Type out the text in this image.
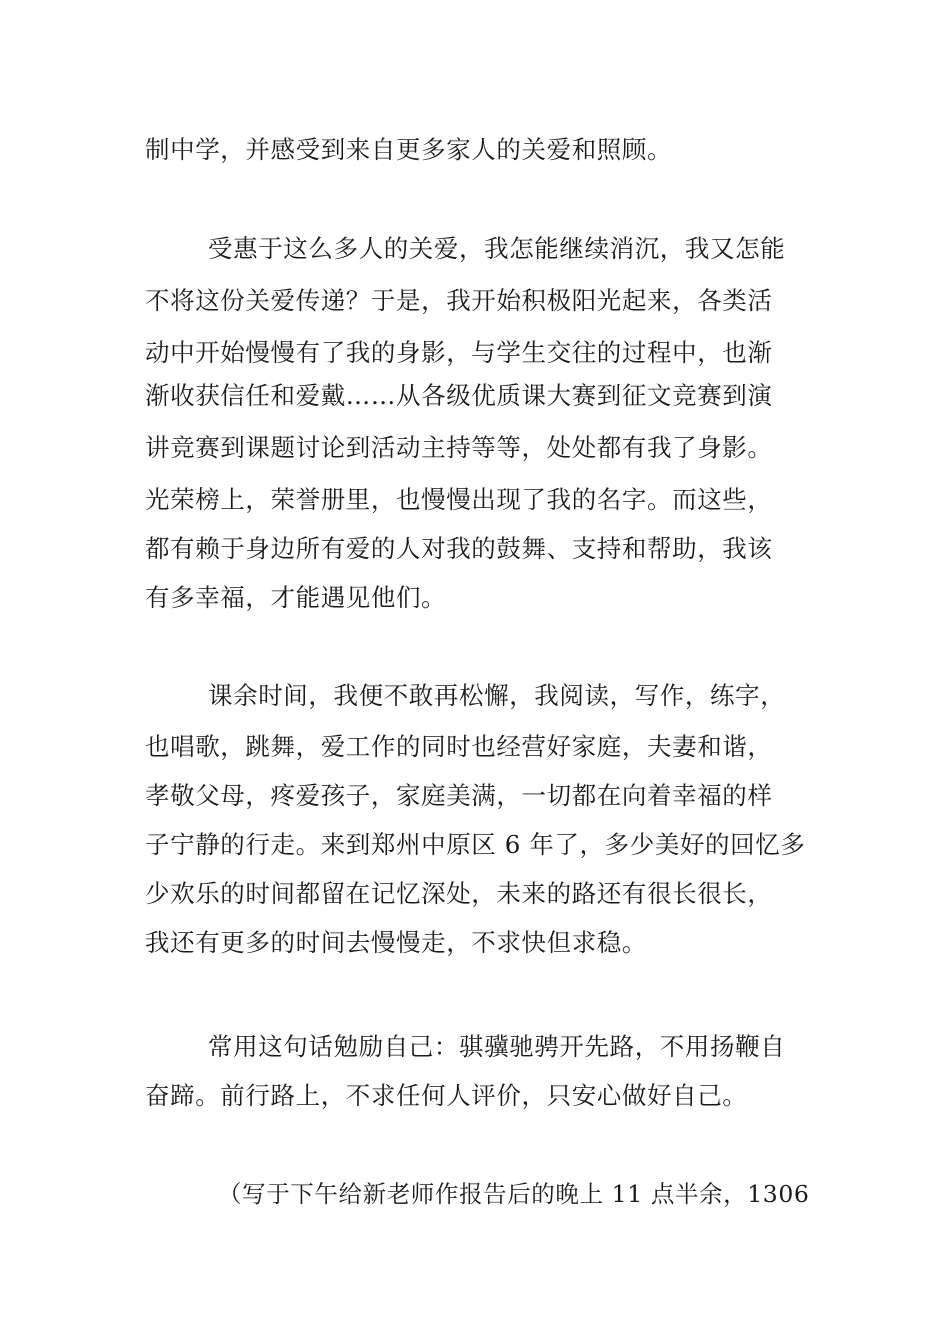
制中学，并感受到来自更多家人的关爱和照顾。
受惠于这么多人的关爱，我怎能继续消沉，我又怎能
不将这份关爱传递？于是，我开始积极阳光起来，各类活
动中开始慢慢有了我的身影，与学生交往的过程中，也渐
渐收获信任和爱戴……从各级优质课大赛到征文竞赛到演
讲竞赛到课题讨论到活动主持等等，处处都有我了身影。
光荣榜上，荣誉册里，也慢慢出现了我的名字。而这些，
都有赖于身边所有爱的人对我的鼓舞、支持和帮助，我该
有多幸福，才能遇见他们。
课余时间，我便不敢再松懈，我阅读，写作，练字，
也唱歌，跳舞，爱工作的同时也经营好家庭，夫妻和谐，
孝敬父母，疼爱孩子，家庭美满，一切都在向着幸福的样
子宁静的行走。来到郑州中原区 6 年了，多少美好的回忆多
少欢乐的时间都留在记忆深处，未来的路还有很长很长，
我还有更多的时间去慢慢走，不求快但求稳。
常用这句话勉励自己：骐骥驰骋开先路，不用扬鞭自
奋蹄。前行路上，不求任何人评价，只安心做好自己。
（写于下午给新老师作报告后的晚上 11 点半余，1306
